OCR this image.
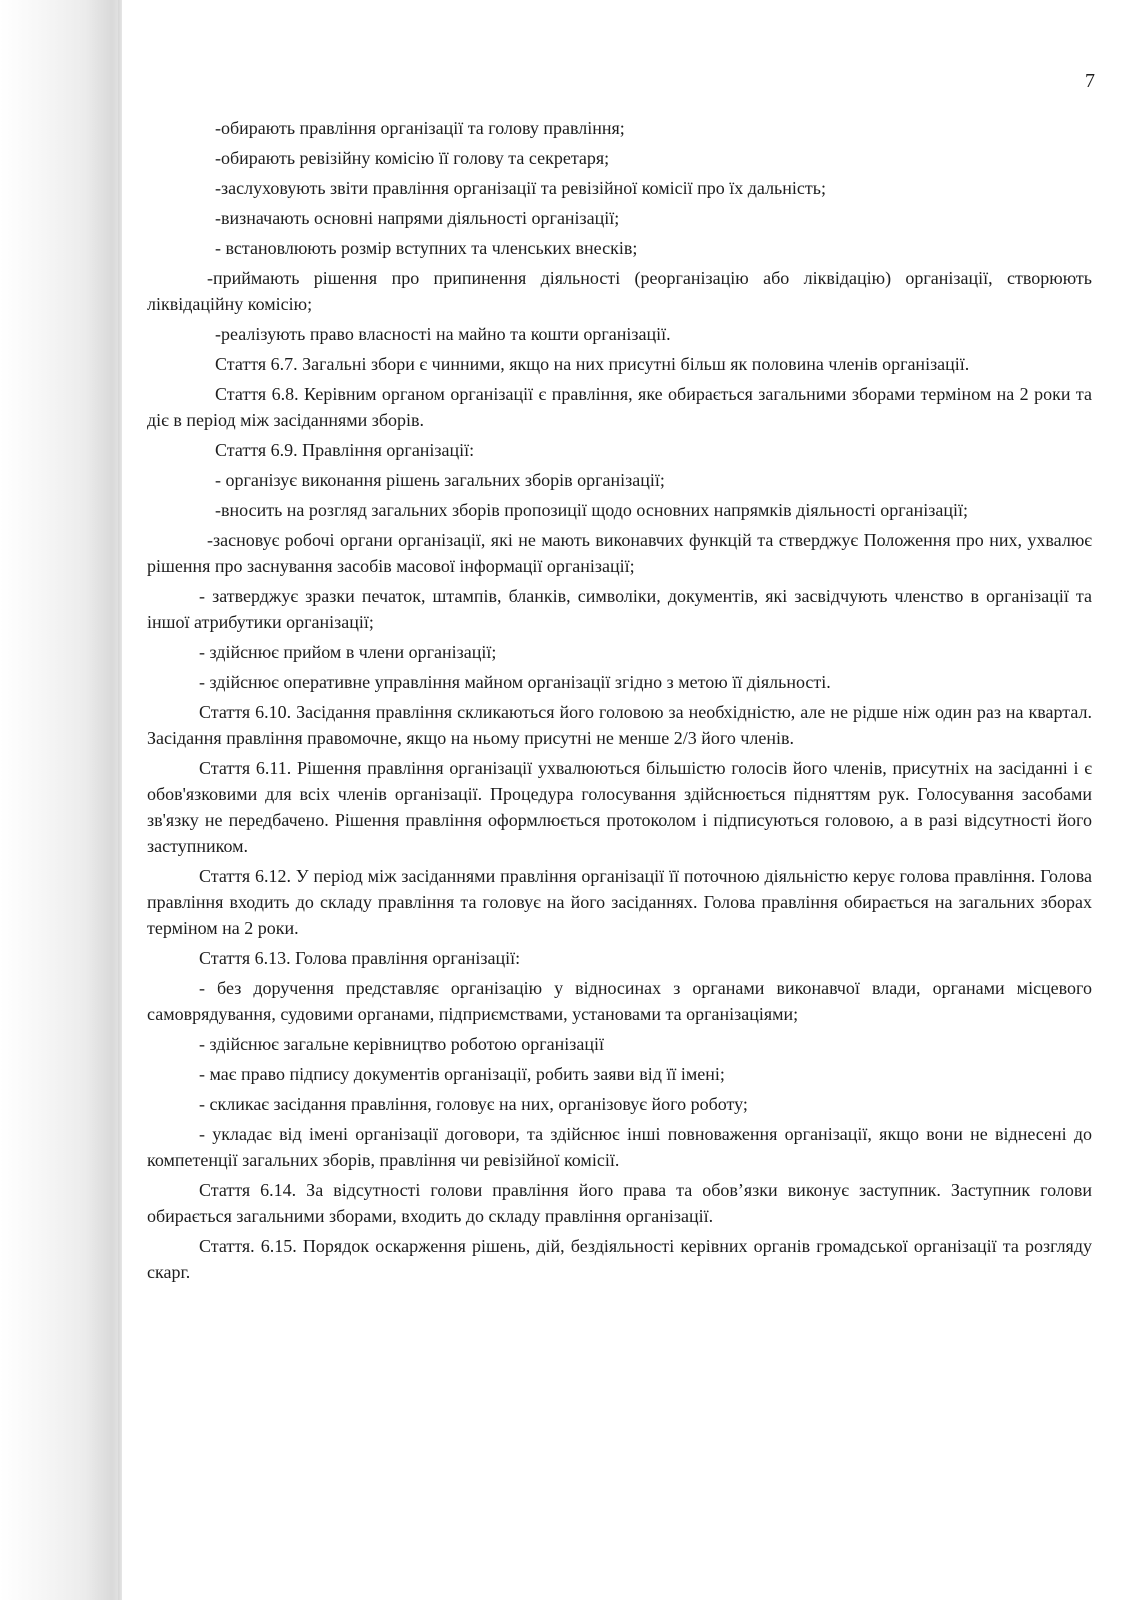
7

-обирають правління організації та голову правління;

-обирають ревізійну комісію її голову та секретаря;

-заслуховують звіти правління організації та ревізійної комісії про їх дальність;

-визначають основні напрями діяльності організації;

- встановлюють розмір вступних та членських внесків;

-приймають рішення про припинення діяльності (реорганізацію або ліквідацію) організації, створюють ліквідаційну комісію;

-реалізують право власності на майно та кошти організації.

Стаття 6.7. Загальні збори є чинними, якщо на них присутні більш як половина членів організації.

Стаття 6.8. Керівним органом організації є правління, яке обирається загальними зборами терміном на 2 роки та діє в період між засіданнями зборів.

Стаття 6.9. Правління організації:

- організує виконання рішень загальних зборів організації;

-вносить на розгляд загальних зборів пропозиції щодо основних напрямків діяльності організації;

-засновує робочі органи організації, які не мають виконавчих функцій та стверджує Положення про них, ухвалює рішення про заснування засобів масової інформації організації;

- затверджує зразки печаток, штампів, бланків, символіки, документів, які засвідчують членство в організації та іншої атрибутики організації;

- здійснює прийом в члени організації;

- здійснює оперативне управління майном організації згідно з метою її діяльності.

Стаття 6.10. Засідання правління скликаються його головою за необхідністю, але не рідше ніж один раз на квартал. Засідання правління правомочне, якщо на ньому присутні не менше 2/3 його членів.

Стаття 6.11. Рішення правління організації ухвалюються більшістю голосів його членів, присутніх на засіданні і є обов'язковими для всіх членів організації. Процедура голосування здійснюється підняттям рук. Голосування засобами зв'язку не передбачено. Рішення правління оформлюється протоколом і підписуються головою, а в разі відсутності його заступником.

Стаття 6.12. У період між засіданнями правління організації її поточною діяльністю керує голова правління. Голова правління входить до складу правління та головує на його засіданнях. Голова правління обирається на загальних зборах терміном на 2 роки.

Стаття 6.13. Голова правління організації:

- без доручення представляє організацію у відносинах з органами виконавчої влади, органами місцевого самоврядування, судовими органами, підприємствами, установами та організаціями;

- здійснює загальне керівництво роботою організації

- має право підпису документів організації, робить заяви від її імені;

- скликає засідання правління, головує на них, організовує його роботу;

- укладає від імені організації договори, та здійснює інші повноваження організації, якщо вони не віднесені до компетенції загальних зборів, правління чи ревізійної комісії.

Стаття 6.14. За відсутності голови правління його права та обов’язки виконує заступник. Заступник голови обирається загальними зборами, входить до складу правління організації.

Стаття. 6.15. Порядок оскарження рішень, дій, бездіяльності керівних органів громадської організації та розгляду скарг.
